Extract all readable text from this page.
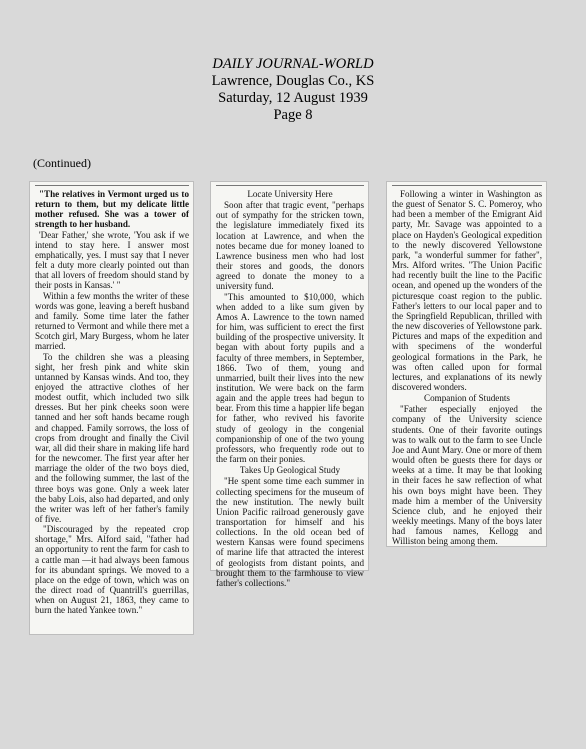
DAILY JOURNAL-WORLD
Lawrence, Douglas Co., KS
Saturday, 12 August 1939
Page 8
(Continued)

"The relatives in Vermont urged us to return to them, but my delicate little mother refused. She was a tower of strength to her husband.

'Dear Father,' she wrote, 'You ask if we intend to stay here. I answer most emphatically, yes. I must say that I never felt a duty more clearly pointed out than that all lovers of freedom should stand by their posts in Kansas.' "

Within a few months the writer of these words was gone, leaving a bereft husband and family. Some time later the father returned to Vermont and while there met a Scotch girl, Mary Burgess, whom he later married.

To the children she was a pleasing sight, her fresh pink and white skin untanned by Kansas winds. And too, they enjoyed the attractive clothes of her modest outfit, which included two silk dresses. But her pink cheeks soon were tanned and her soft hands became rough and chapped. Family sorrows, the loss of crops from drought and finally the Civil war, all did their share in making life hard for the newcomer. The first year after her marriage the older of the two boys died, and the following summer, the last of the three boys was gone. Only a week later the baby Lois, also had departed, and only the writer was left of her father's family of five.

"Discouraged by the repeated crop shortage," Mrs. Alford said, "father had an opportunity to rent the farm for cash to a cattle man —it had always been famous for its abundant springs. We moved to a place on the edge of town, which was on the direct road of Quantrill's guerrillas, when on August 21, 1863, they came to burn the hated Yankee town."

Locate University Here

Soon after that tragic event, "perhaps out of sympathy for the stricken town, the legislature immediately fixed its location at Lawrence, and when the notes became due for money loaned to Lawrence business men who had lost their stores and goods, the donors agreed to donate the money to a university fund.

"This amounted to $10,000, which when added to a like sum given by Amos A. Lawrence to the town named for him, was sufficient to erect the first building of the prospective university. It began with about forty pupils and a faculty of three members, in September, 1866. Two of them, young and unmarried, built their lives into the new institution. We were back on the farm again and the apple trees had begun to bear. From this time a happier life began for father, who revived his favorite study of geology in the congenial companionship of one of the two young professors, who frequently rode out to the farm on their ponies.

Takes Up Geological Study

"He spent some time each summer in collecting specimens for the museum of the new institution. The newly built Union Pacific railroad generously gave transportation for himself and his collections. In the old ocean bed of western Kansas were found specimens of marine life that attracted the interest of geologists from distant points, and brought them to the farmhouse to view father's collections."

Following a winter in Washington as the guest of Senator S. C. Pomeroy, who had been a member of the Emigrant Aid party, Mr. Savage was appointed to a place on Hayden's Geological expedition to the newly discovered Yellowstone park, "a wonderful summer for father", Mrs. Alford writes. "The Union Pacific had recently built the line to the Pacific ocean, and opened up the wonders of the picturesque coast region to the public. Father's letters to our local paper and to the Springfield Republican, thrilled with the new discoveries of Yellowstone park. Pictures and maps of the expedition and with specimens of the wonderful geological formations in the Park, he was often called upon for formal lectures, and explanations of its newly discovered wonders.

Companion of Students

"Father especially enjoyed the company of the University science students. One of their favorite outings was to walk out to the farm to see Uncle Joe and Aunt Mary. One or more of them would often be guests there for days or weeks at a time. It may be that looking in their faces he saw reflection of what his own boys might have been. They made him a member of the University Science club, and he enjoyed their weekly meetings. Many of the boys later had famous names, Kellogg and Williston being among them.
